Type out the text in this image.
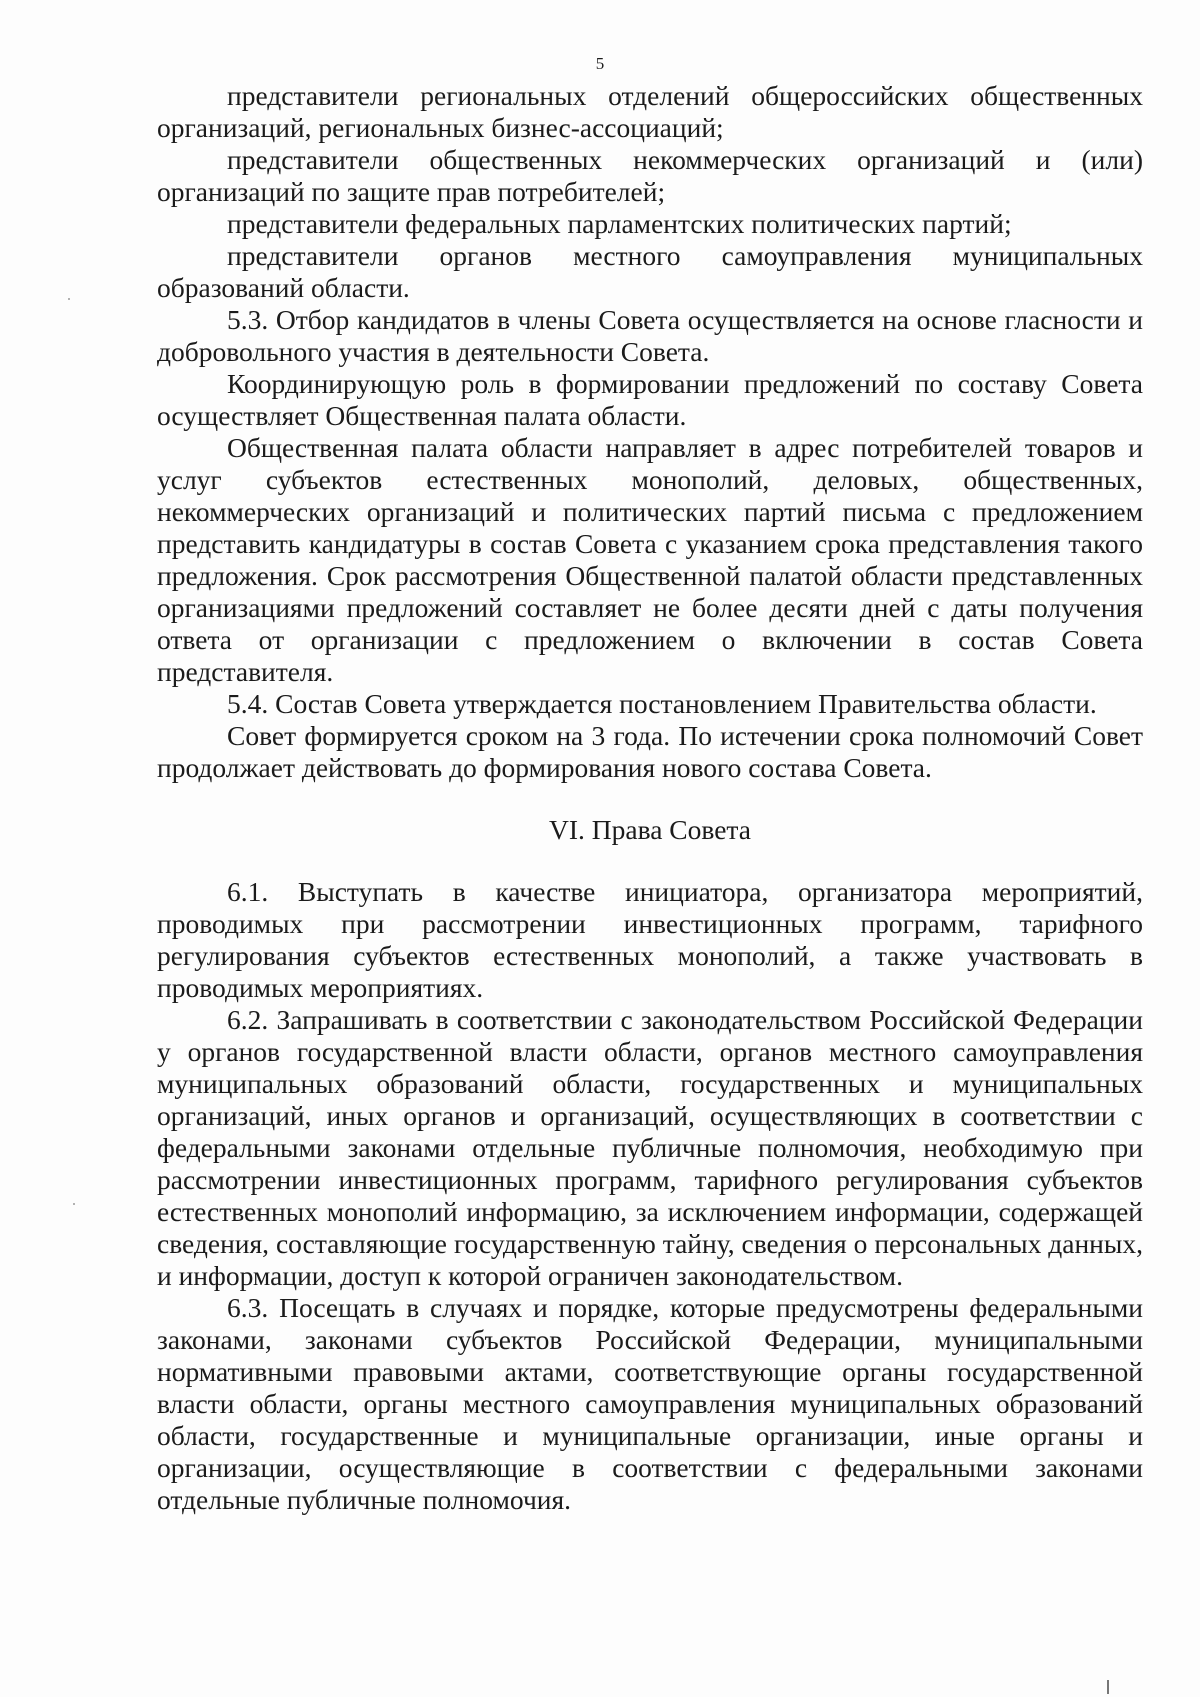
5

представители региональных отделений общероссийских общественных организаций, региональных бизнес-ассоциаций;

представители общественных некоммерческих организаций и (или) организаций по защите прав потребителей;

представители федеральных парламентских политических партий;

представители органов местного самоуправления муниципальных образований области.

5.3. Отбор кандидатов в члены Совета осуществляется на основе гласности и добровольного участия в деятельности Совета.

Координирующую роль в формировании предложений по составу Совета осуществляет Общественная палата области.

Общественная палата области направляет в адрес потребителей товаров и услуг субъектов естественных монополий, деловых, общественных, некоммерческих организаций и политических партий письма с предложением представить кандидатуры в состав Совета с указанием срока представления такого предложения. Срок рассмотрения Общественной палатой области представленных организациями предложений составляет не более десяти дней с даты получения ответа от организации с предложением о включении в состав Совета представителя.

5.4. Состав Совета утверждается постановлением Правительства области.

Совет формируется сроком на 3 года. По истечении срока полномочий Совет продолжает действовать до формирования нового состава Совета.

VI. Права Совета

6.1. Выступать в качестве инициатора, организатора мероприятий, проводимых при рассмотрении инвестиционных программ, тарифного регулирования субъектов естественных монополий, а также участвовать в проводимых мероприятиях.

6.2. Запрашивать в соответствии с законодательством Российской Федерации у органов государственной власти области, органов местного самоуправления муниципальных образований области, государственных и муниципальных организаций, иных органов и организаций, осуществляющих в соответствии с федеральными законами отдельные публичные полномочия, необходимую при рассмотрении инвестиционных программ, тарифного регулирования субъектов естественных монополий информацию, за исключением информации, содержащей сведения, составляющие государственную тайну, сведения о персональных данных, и информации, доступ к которой ограничен законодательством.

6.3. Посещать в случаях и порядке, которые предусмотрены федеральными законами, законами субъектов Российской Федерации, муниципальными нормативными правовыми актами, соответствующие органы государственной власти области, органы местного самоуправления муниципальных образований области, государственные и муниципальные организации, иные органы и организации, осуществляющие в соответствии с федеральными законами отдельные публичные полномочия.
